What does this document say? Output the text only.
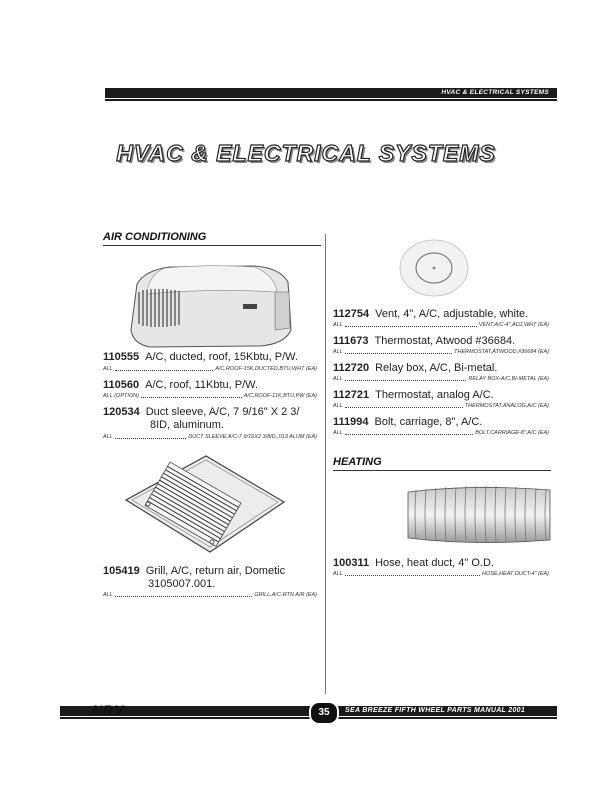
HVAC & ELECTRICAL SYSTEMS
HVAC & ELECTRICAL SYSTEMS
AIR CONDITIONING
110555 A/C, ducted, roof, 15Kbtu, P/W.
ALL	A/C,ROOF-15K,DUCTED,BTU,WHT (EA)
110560 A/C, roof, 11Kbtu, P/W.
ALL (OPTION)	A/C,ROOF-11K,BTU,PW (EA)
120534 Duct sleeve, A/C, 7 9/16" X 2 3/
8ID, aluminum.
ALL	DUCT SLEEVE,A/C-7 9/16X2 3/8ID,.013 ALUM (EA)
105419 Grill, A/C, return air, Dometic
3105007.001.
ALL	GRILL,A/C-RTN AIR (EA)
112754 Vent, 4", A/C, adjustable, white.
ALL	VENT,A/C-4",ADJ,WHT (EA)
111673 Thermostat, Atwood #36684.
ALL	THERMOSTAT,ATWOOD,#36684 (EA)
112720 Relay box, A/C, Bi-metal.
ALL	RELAY BOX-A/C,BI-METAL (EA)
112721 Thermostat, analog A/C.
ALL	THERMOSTAT,ANALOG,A/C (EA)
111994 Bolt, carriage, 8", A/C.
ALL	BOLT,CARRIAGE-8",A/C (EA)
HEATING
100311 Hose, heat duct, 4" O.D.
ALL	HOSE,HEAT DUCT-4" (EA)
NRV	35	SEA BREEZE FIFTH WHEEL PARTS MANUAL 2001
